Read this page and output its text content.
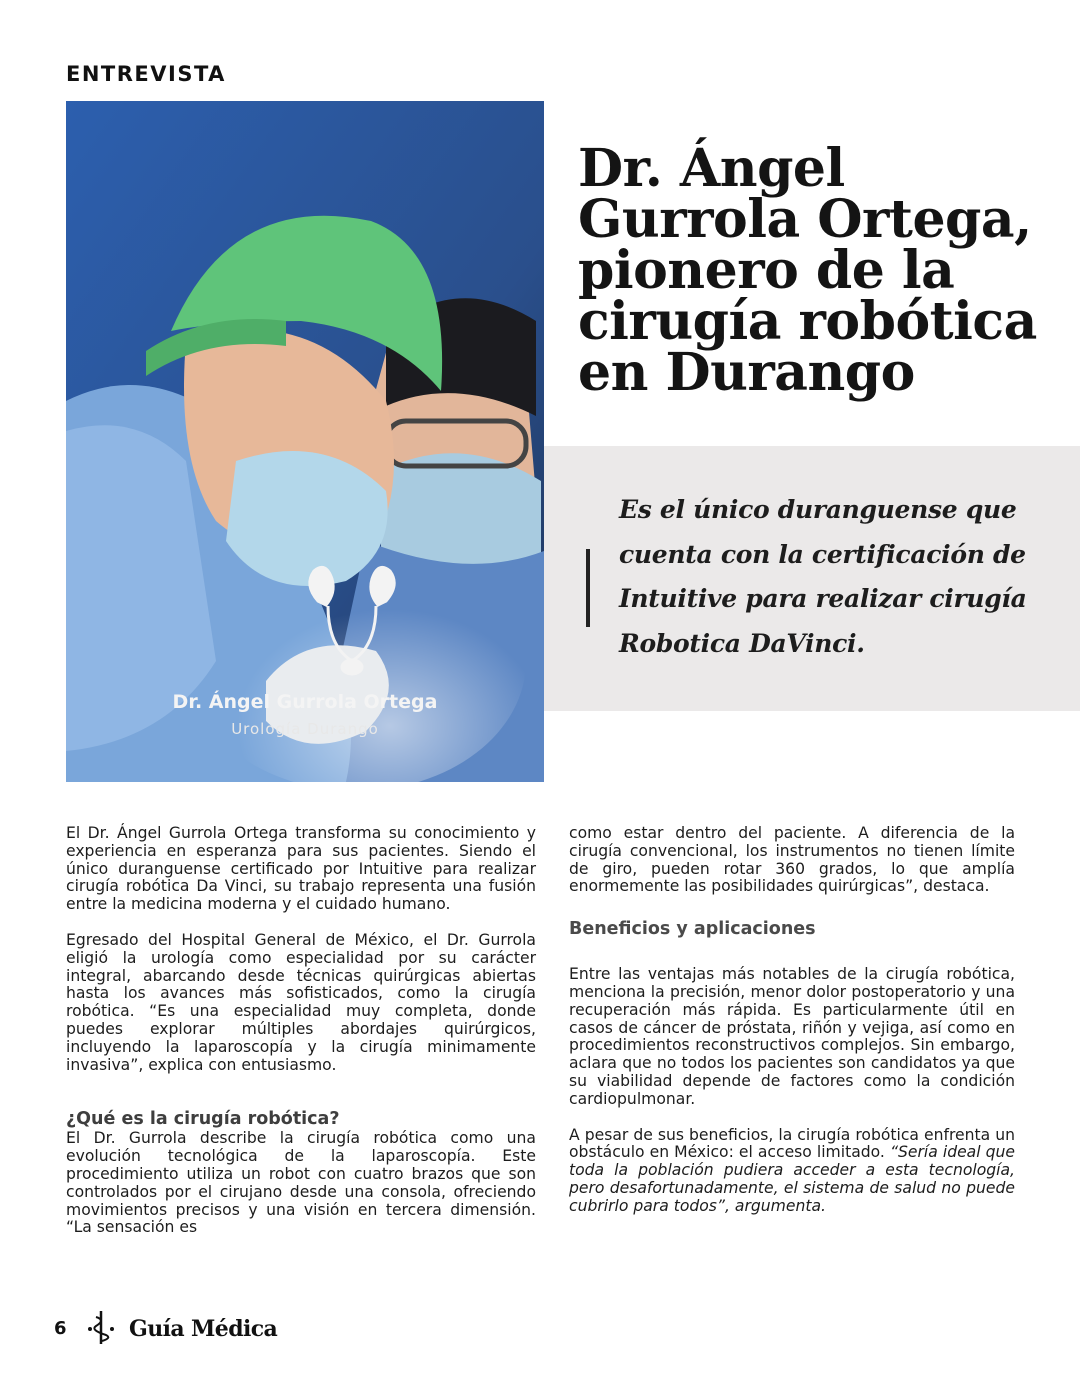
ENTREVISTA
Dr. Ángel Gurrola Ortega
Urología Durango
Dr. Ángel Gurrola Ortega, pionero de la cirugía robótica en Durango

Es el único duranguense que cuenta con la certificación de Intuitive para realizar cirugía Robotica DaVinci.

El Dr. Ángel Gurrola Ortega transforma su conocimiento y experiencia en esperanza para sus pacientes. Siendo el único duranguense certificado por Intuitive para realizar cirugía robótica Da Vinci, su trabajo representa una fusión entre la medicina moderna y el cuidado humano.

Egresado del Hospital General de México, el Dr. Gurrola eligió la urología como especialidad por su carácter integral, abarcando desde técnicas quirúrgicas abiertas hasta los avances más sofisticados, como la cirugía robótica. “Es una especialidad muy completa, donde puedes explorar múltiples abordajes quirúrgicos, incluyendo la laparoscopía y la cirugía minimamente invasiva”, explica con entusiasmo.

¿Qué es la cirugía robótica?

El Dr. Gurrola describe la cirugía robótica como una evolución tecnológica de la laparoscopía. Este procedimiento utiliza un robot con cuatro brazos que son controlados por el cirujano desde una consola, ofreciendo movimientos precisos y una visión en tercera dimensión. “La sensación es

como estar dentro del paciente. A diferencia de la cirugía convencional, los instrumentos no tienen límite de giro, pueden rotar 360 grados, lo que amplía enormemente las posibilidades quirúrgicas”, destaca.

Beneficios y aplicaciones

Entre las ventajas más notables de la cirugía robótica, menciona la precisión, menor dolor postoperatorio y una recuperación más rápida. Es particularmente útil en casos de cáncer de próstata, riñón y vejiga, así como en procedimientos reconstructivos complejos. Sin embargo, aclara que no todos los pacientes son candidatos ya que su viabilidad depende de factores como la condición cardiopulmonar.

A pesar de sus beneficios, la cirugía robótica enfrenta un obstáculo en México: el acceso limitado. “Sería ideal que toda la población pudiera acceder a esta tecnología, pero desafortunadamente, el sistema de salud no puede cubrirlo para todos”, argumenta.

6	Guía Médica
